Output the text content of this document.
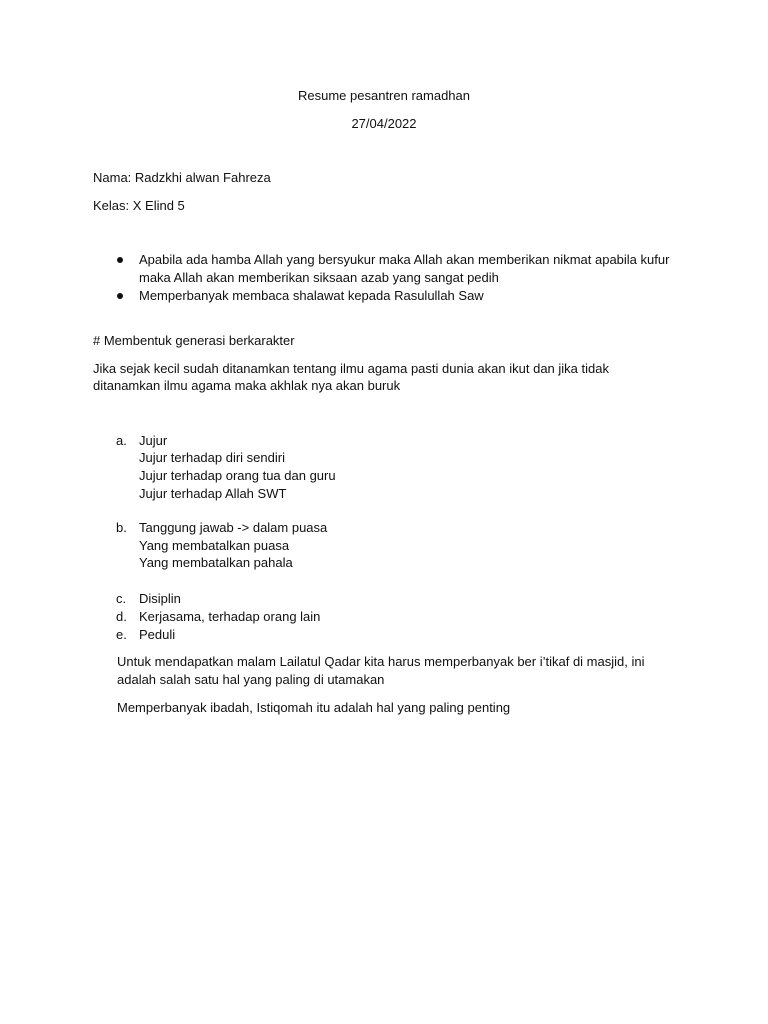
Resume pesantren ramadhan
27/04/2022
Nama: Radzkhi alwan Fahreza
Kelas: X Elind 5
Apabila ada hamba Allah yang bersyukur maka Allah akan memberikan nikmat apabila kufur
maka Allah akan memberikan siksaan azab yang sangat pedih
Memperbanyak membaca shalawat kepada Rasulullah Saw
# Membentuk generasi berkarakter
Jika sejak kecil sudah ditanamkan tentang ilmu agama pasti dunia akan ikut dan jika tidak
ditanamkan ilmu agama maka akhlak nya akan buruk
a. Jujur
Jujur terhadap diri sendiri
Jujur terhadap orang tua dan guru
Jujur terhadap Allah SWT
b. Tanggung jawab -> dalam puasa
Yang membatalkan puasa
Yang membatalkan pahala
c. Disiplin
d. Kerjasama, terhadap orang lain
e. Peduli
Untuk mendapatkan malam Lailatul Qadar kita harus memperbanyak ber i’tikaf di masjid, ini
adalah salah satu hal yang paling di utamakan
Memperbanyak ibadah, Istiqomah itu adalah hal yang paling penting
